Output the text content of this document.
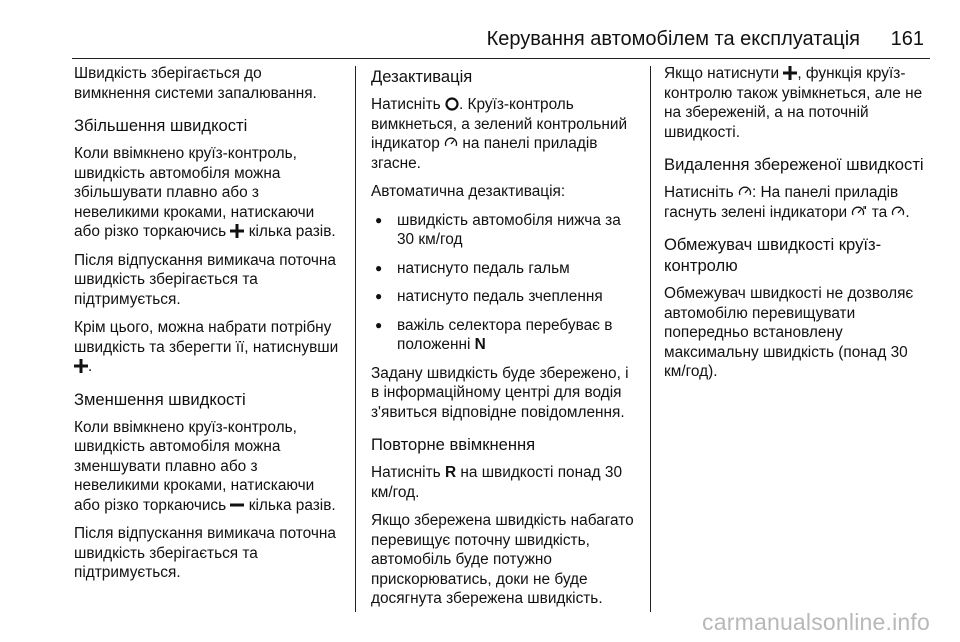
Керування автомобілем та експлуатація 161

Швидкість зберігається до вимкнення системи запалювання.

Збільшення швидкості

Коли ввімкнено круїз-контроль, швидкість автомобіля можна збільшувати плавно або з невеликими кроками, натискаючи або різко торкаючись кілька разів.

Після відпускання вимикача поточна швидкість зберігається та підтримується.

Крім цього, можна набрати потрібну швидкість та зберегти її, натиснувши .

Зменшення швидкості

Коли ввімкнено круїз-контроль, швидкість автомобіля можна зменшувати плавно або з невеликими кроками, натискаючи або різко торкаючись кілька разів.

Після відпускання вимикача поточна швидкість зберігається та підтримується.

Дезактивація

Натисніть . Круїз-контроль вимкнеться, а зелений контрольний індикатор на панелі приладів згасне.

Автоматична дезактивація:

● швидкість автомобіля нижча за 30 км/год
● натиснуто педаль гальм
● натиснуто педаль зчеплення
● важіль селектора перебуває в положенні N

Задану швидкість буде збережено, і в інформаційному центрі для водія з'явиться відповідне повідомлення.

Повторне ввімкнення

Натисніть R на швидкості понад 30 км/год.

Якщо збережена швидкість набагато перевищує поточну швидкість, автомобіль буде потужно прискорюватись, доки не буде досягнута збережена швидкість.

Якщо натиснути , функція круїз-контролю також увімкнеться, але не на збереженій, а на поточній швидкості.

Видалення збереженої швидкості

Натисніть : На панелі приладів гаснуть зелені індикатори та .

Обмежувач швидкості круїз-контролю

Обмежувач швидкості не дозволяє автомобілю перевищувати попередньо встановлену максимальну швидкість (понад 30 км/год).

carmanualsonline.info
